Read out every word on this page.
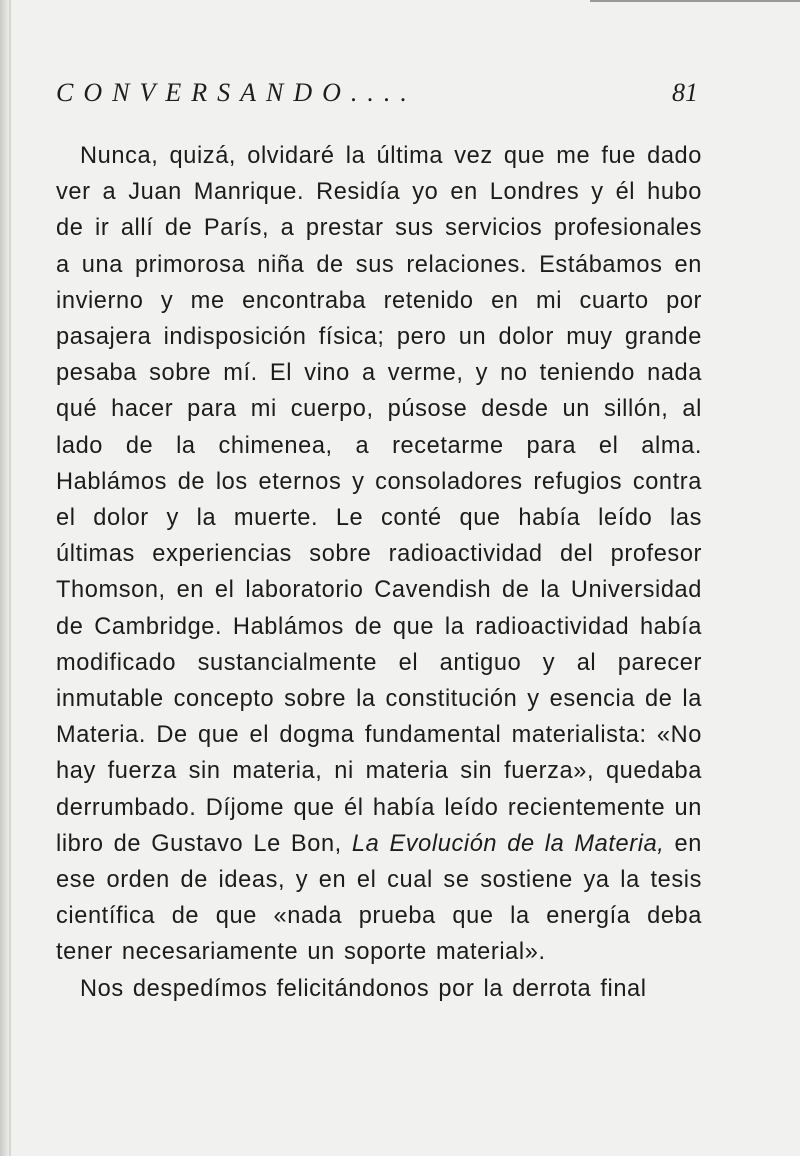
CONVERSANDO....	81

Nunca, quizá, olvidaré la última vez que me fue dado ver a Juan Manrique. Residía yo en Londres y él hubo de ir allí de París, a prestar sus servicios profesionales a una primorosa niña de sus relaciones. Estábamos en invierno y me encontraba retenido en mi cuarto por pasajera indisposición física; pero un dolor muy grande pesaba sobre mí. El vino a verme, y no teniendo nada qué hacer para mi cuerpo, púsose desde un sillón, al lado de la chimenea, a recetarme para el alma. Hablámos de los eternos y consoladores refugios contra el dolor y la muerte. Le conté que había leído las últimas experiencias sobre radioactividad del profesor Thomson, en el laboratorio Cavendish de la Universidad de Cambridge. Hablámos de que la radioactividad había modificado sustancialmente el antiguo y al parecer inmutable concepto sobre la constitución y esencia de la Materia. De que el dogma fundamental materialista: «No hay fuerza sin materia, ni materia sin fuerza», quedaba derrumbado. Díjome que él había leído recientemente un libro de Gustavo Le Bon, La Evolución de la Materia, en ese orden de ideas, y en el cual se sostiene ya la tesis científica de que «nada prueba que la energía deba tener necesariamente un soporte material».

Nos despedímos felicitándonos por la derrota final
